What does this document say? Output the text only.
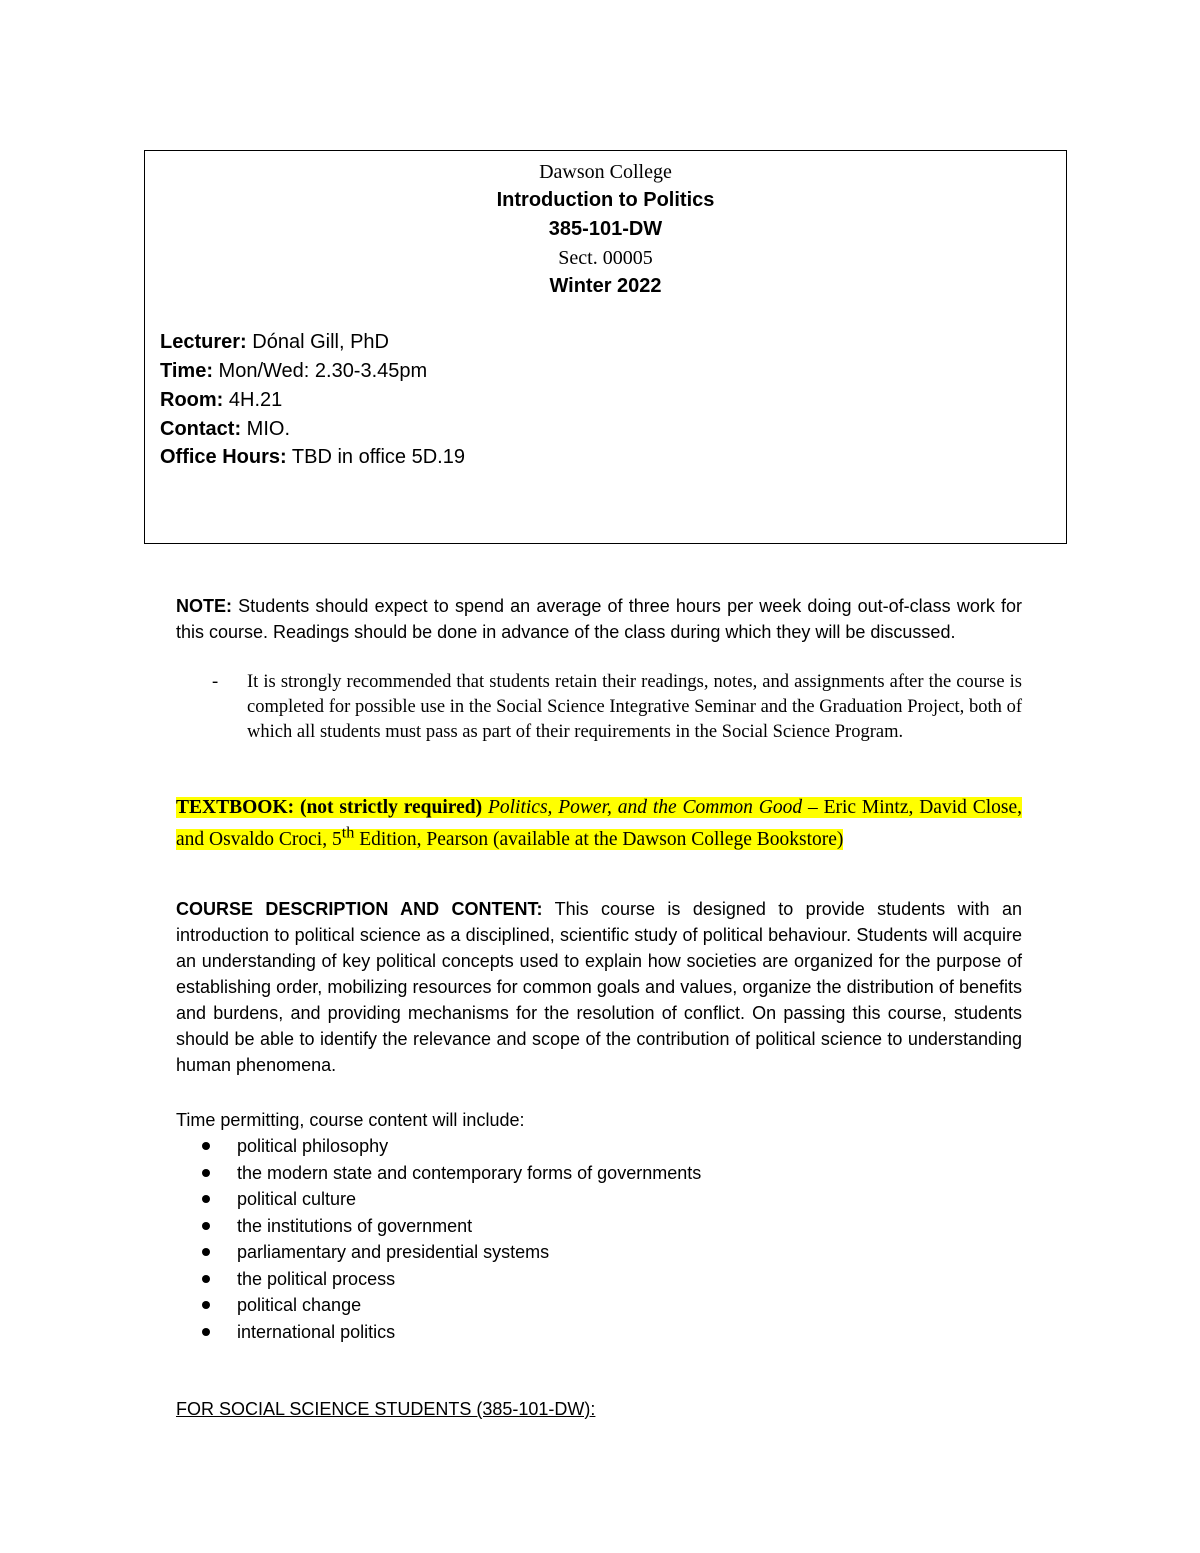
Dawson College
Introduction to Politics
385-101-DW
Sect. 00005
Winter 2022
Lecturer: Dónal Gill, PhD
Time: Mon/Wed: 2.30-3.45pm
Room: 4H.21
Contact: MIO.
Office Hours: TBD in office 5D.19
NOTE: Students should expect to spend an average of three hours per week doing out-of-class work for this course. Readings should be done in advance of the class during which they will be discussed.
- It is strongly recommended that students retain their readings, notes, and assignments after the course is completed for possible use in the Social Science Integrative Seminar and the Graduation Project, both of which all students must pass as part of their requirements in the Social Science Program.
TEXTBOOK: (not strictly required) Politics, Power, and the Common Good – Eric Mintz, David Close, and Osvaldo Croci, 5th Edition, Pearson (available at the Dawson College Bookstore)
COURSE DESCRIPTION AND CONTENT: This course is designed to provide students with an introduction to political science as a disciplined, scientific study of political behaviour. Students will acquire an understanding of key political concepts used to explain how societies are organized for the purpose of establishing order, mobilizing resources for common goals and values, organize the distribution of benefits and burdens, and providing mechanisms for the resolution of conflict. On passing this course, students should be able to identify the relevance and scope of the contribution of political science to understanding human phenomena.
Time permitting, course content will include:
political philosophy
the modern state and contemporary forms of governments
political culture
the institutions of government
parliamentary and presidential systems
the political process
political change
international politics
FOR SOCIAL SCIENCE STUDENTS (385-101-DW):
